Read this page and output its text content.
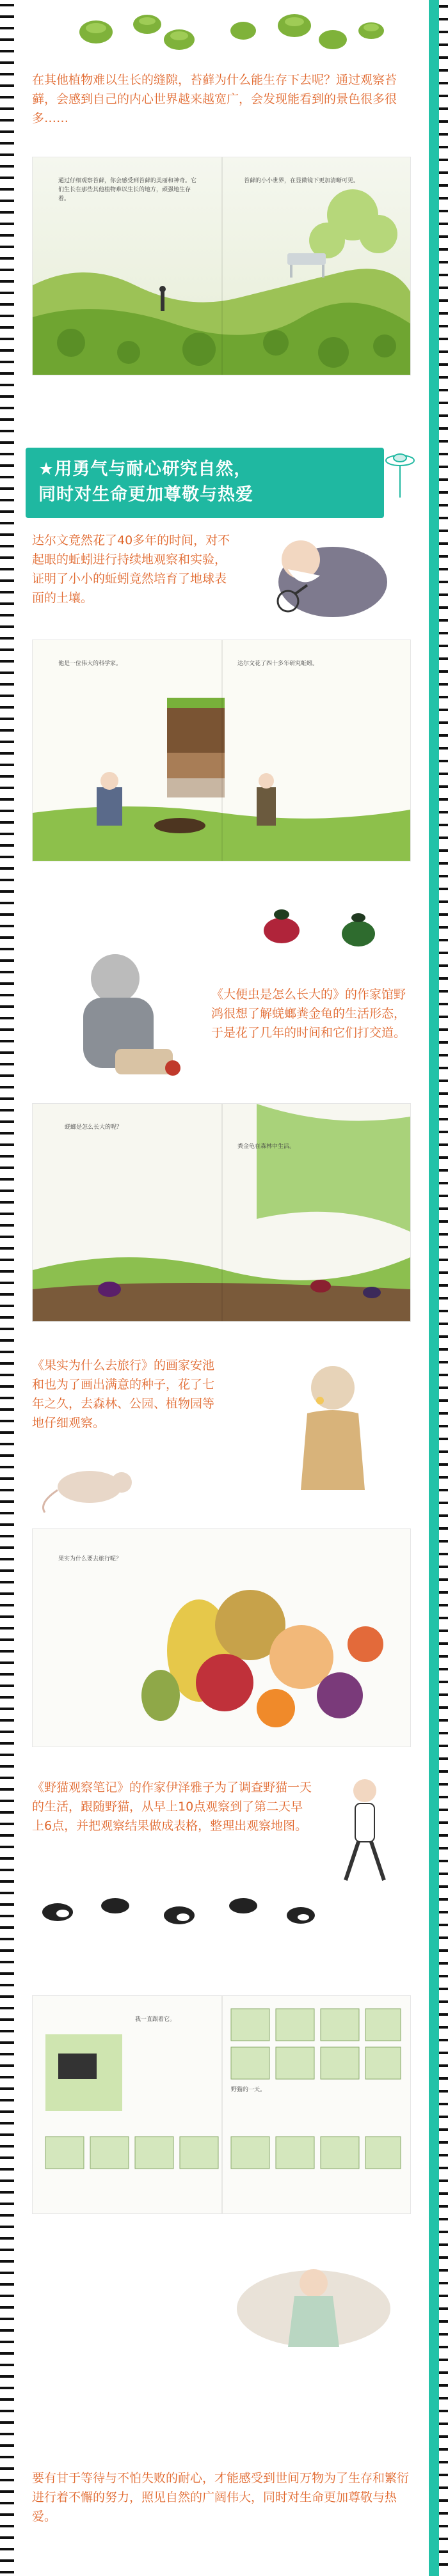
在其他植物难以生长的缝隙，苔藓为什么能生存下去呢？通过观察苔藓，会感到自己的内心世界越来越宽广，会发现能看到的景色很多很多……

通过仔细观察苔藓，你会感受到苔藓的美丽和神奇。它们生长在那些其他植物难以生长的地方，顽强地生存着。
苔藓的小小世界，在显微镜下更加清晰可见。
★用勇气与耐心研究自然，
同时对生命更加尊敬与热爱

达尔文竟然花了40多年的时间，对不起眼的蚯蚓进行持续地观察和实验，证明了小小的蚯蚓竟然培育了地球表面的土壤。

他是一位伟大的科学家。	达尔文花了四十多年研究蚯蚓。

《大便虫是怎么长大的》的作家馆野鸿很想了解蜣螂粪金龟的生活形态，于是花了几年的时间和它们打交道。

蜣螂是怎么长大的呢？
粪金龟在森林中生活。

《果实为什么去旅行》的画家安池和也为了画出满意的种子，花了七年之久，去森林、公园、植物园等地仔细观察。

果实为什么要去旅行呢？

《野猫观察笔记》的作家伊泽雅子为了调查野猫一天的生活，跟随野猫，从早上10点观察到了第二天早上6点，并把观察结果做成表格，整理出观察地图。

我一直跟着它。
野猫的一天。

要有甘于等待与不怕失败的耐心，才能感受到世间万物为了生存和繁衍进行着不懈的努力，照见自然的广阔伟大，同时对生命更加尊敬与热爱。
